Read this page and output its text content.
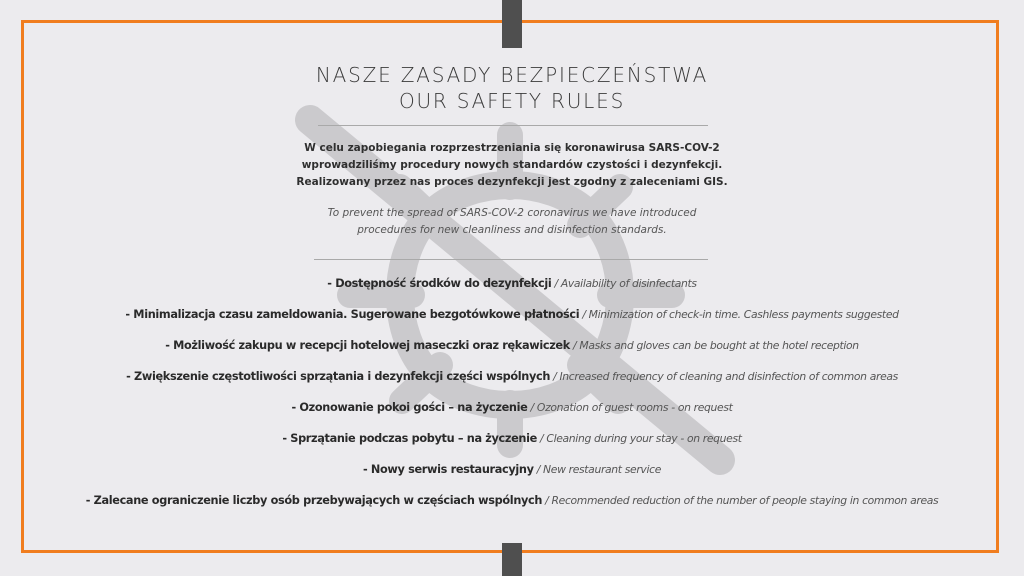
NASZE ZASADY BEZPIECZEŃSTWA
OUR SAFETY RULES
W celu zapobiegania rozprzestrzeniania się koronawirusa SARS-COV-2
wprowadziliśmy procedury nowych standardów czystości i dezynfekcji.
Realizowany przez nas proces dezynfekcji jest zgodny z zaleceniami GIS.
To prevent the spread of SARS-COV-2 coronavirus we have introduced
procedures for new cleanliness and disinfection standards.
- Dostępność środków do dezynfekcji / Availability of disinfectants
- Minimalizacja czasu zameldowania. Sugerowane bezgotówkowe płatności / Minimization of check-in time. Cashless payments suggested
- Możliwość zakupu w recepcji hotelowej maseczki oraz rękawiczek / Masks and gloves can be bought at the hotel reception
- Zwiększenie częstotliwości sprzątania i dezynfekcji części wspólnych / Increased frequency of cleaning and disinfection of common areas
- Ozonowanie pokoi gości – na życzenie / Ozonation of guest rooms - on request
- Sprzątanie podczas pobytu – na życzenie / Cleaning during your stay - on request
- Nowy serwis restauracyjny / New restaurant service
- Zalecane ograniczenie liczby osób przebywających w częściach wspólnych / Recommended reduction of the number of people staying in common areas
